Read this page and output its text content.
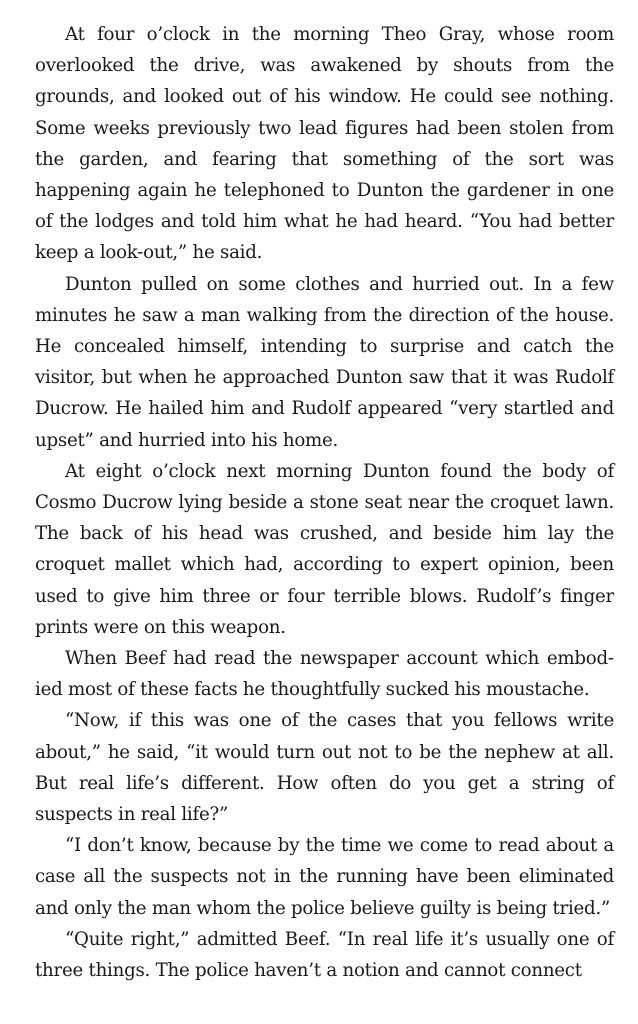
At four o’clock in the morning Theo Gray, whose room overlooked the drive, was awakened by shouts from the grounds, and looked out of his window. He could see nothing. Some weeks previously two lead figures had been stolen from the garden, and fearing that something of the sort was happening again he telephoned to Dunton the gardener in one of the lodges and told him what he had heard. “You had better keep a look-out,” he said.

Dunton pulled on some clothes and hurried out. In a few minutes he saw a man walking from the direction of the house. He concealed himself, intending to surprise and catch the visitor, but when he approached Dunton saw that it was Rudolf Ducrow. He hailed him and Rudolf appeared “very startled and upset” and hurried into his home.

At eight o’clock next morning Dunton found the body of Cosmo Ducrow lying beside a stone seat near the croquet lawn. The back of his head was crushed, and beside him lay the croquet mallet which had, according to expert opinion, been used to give him three or four terrible blows. Rudolf’s finger prints were on this weapon.

When Beef had read the newspaper account which embodied most of these facts he thoughtfully sucked his moustache.

“Now, if this was one of the cases that you fellows write about,” he said, “it would turn out not to be the nephew at all. But real life’s different. How often do you get a string of suspects in real life?”

“I don’t know, because by the time we come to read about a case all the suspects not in the running have been eliminated and only the man whom the police believe guilty is being tried.”

“Quite right,” admitted Beef. “In real life it’s usually one of three things. The police haven’t a notion and cannot connect
